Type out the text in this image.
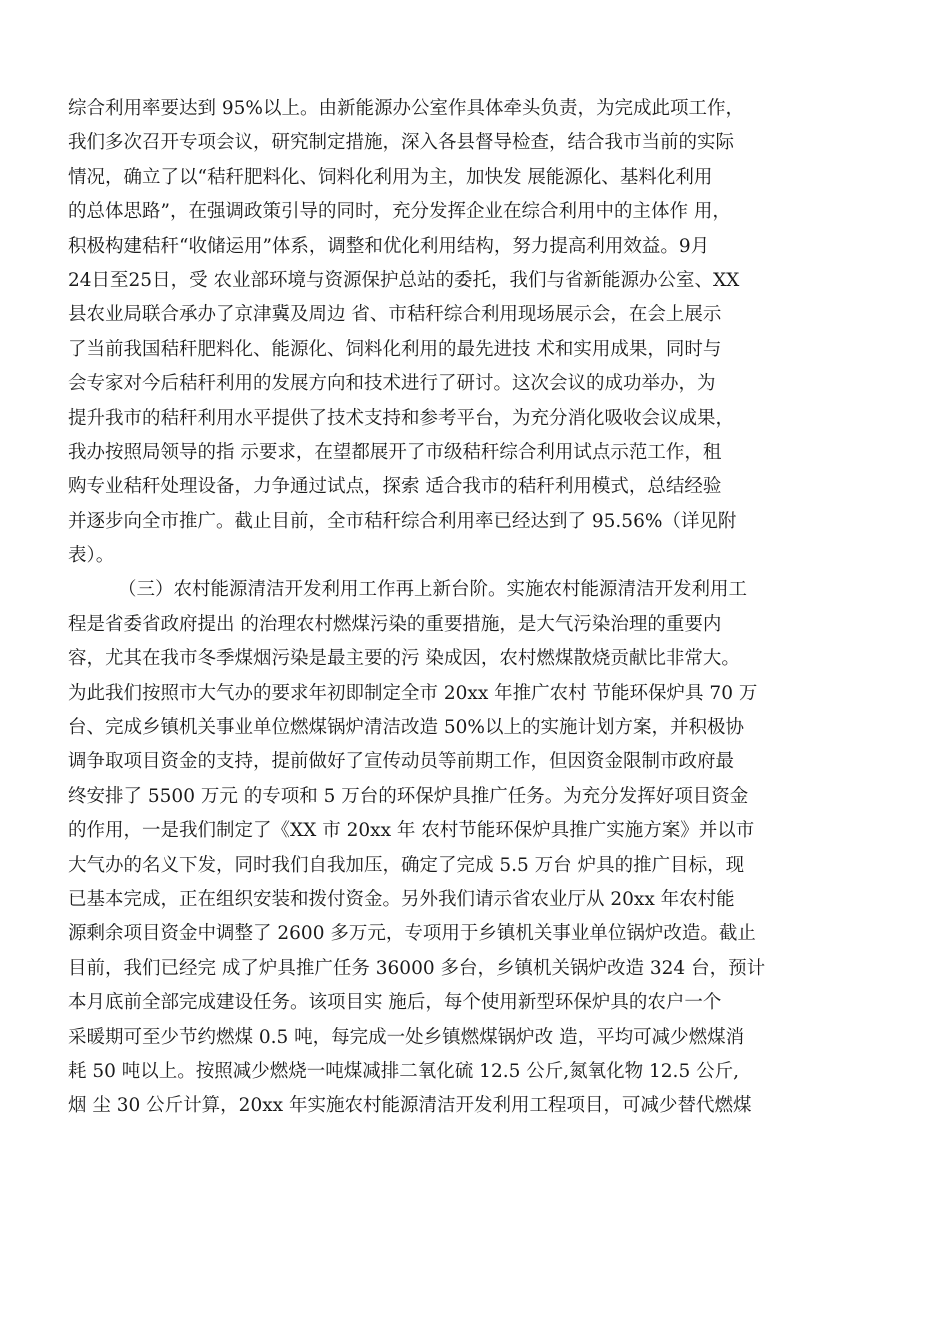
综合利用率要达到 95%以上。由新能源办公室作具体牵头负责，为完成此项工作，
我们多次召开专项会议，研究制定措施，深入各县督导检查，结合我市当前的实际
情况，确立了以“秸秆肥料化、饲料化利用为主，加快发 展能源化、基料化利用
的总体思路”，在强调政策引导的同时，充分发挥企业在综合利用中的主体作 用，
积极构建秸秆“收储运用”体系，调整和优化利用结构，努力提高利用效益。9月
24日至25日，受 农业部环境与资源保护总站的委托，我们与省新能源办公室、XX
县农业局联合承办了京津冀及周边 省、市秸秆综合利用现场展示会，在会上展示
了当前我国秸秆肥料化、能源化、饲料化利用的最先进技 术和实用成果，同时与
会专家对今后秸秆利用的发展方向和技术进行了研讨。这次会议的成功举办，为
提升我市的秸秆利用水平提供了技术支持和参考平台，为充分消化吸收会议成果，
我办按照局领导的指 示要求，在望都展开了市级秸秆综合利用试点示范工作，租
购专业秸秆处理设备，力争通过试点，探索 适合我市的秸秆利用模式，总结经验
并逐步向全市推广。截止目前，全市秸秆综合利用率已经达到了 95.56%（详见附
表）。
（三）农村能源清洁开发利用工作再上新台阶。实施农村能源清洁开发利用工
程是省委省政府提出 的治理农村燃煤污染的重要措施，是大气污染治理的重要内
容，尤其在我市冬季煤烟污染是最主要的污 染成因，农村燃煤散烧贡献比非常大。
为此我们按照市大气办的要求年初即制定全市 20xx 年推广农村 节能环保炉具 70 万
台、完成乡镇机关事业单位燃煤锅炉清洁改造 50%以上的实施计划方案，并积极协
调争取项目资金的支持，提前做好了宣传动员等前期工作，但因资金限制市政府最
终安排了 5500 万元 的专项和 5 万台的环保炉具推广任务。为充分发挥好项目资金
的作用，一是我们制定了《XX 市 20xx 年 农村节能环保炉具推广实施方案》并以市
大气办的名义下发，同时我们自我加压，确定了完成 5.5 万台 炉具的推广目标，现
已基本完成，正在组织安装和拨付资金。另外我们请示省农业厅从 20xx 年农村能
源剩余项目资金中调整了 2600 多万元，专项用于乡镇机关事业单位锅炉改造。截止
目前，我们已经完 成了炉具推广任务 36000 多台，乡镇机关锅炉改造 324 台，预计
本月底前全部完成建设任务。该项目实 施后，每个使用新型环保炉具的农户一个
采暖期可至少节约燃煤 0.5 吨，每完成一处乡镇燃煤锅炉改 造，平均可减少燃煤消
耗 50 吨以上。按照减少燃烧一吨煤减排二氧化硫 12.5 公斤,氮氧化物 12.5 公斤,
烟 尘 30 公斤计算，20xx 年实施农村能源清洁开发利用工程项目，可减少替代燃煤
